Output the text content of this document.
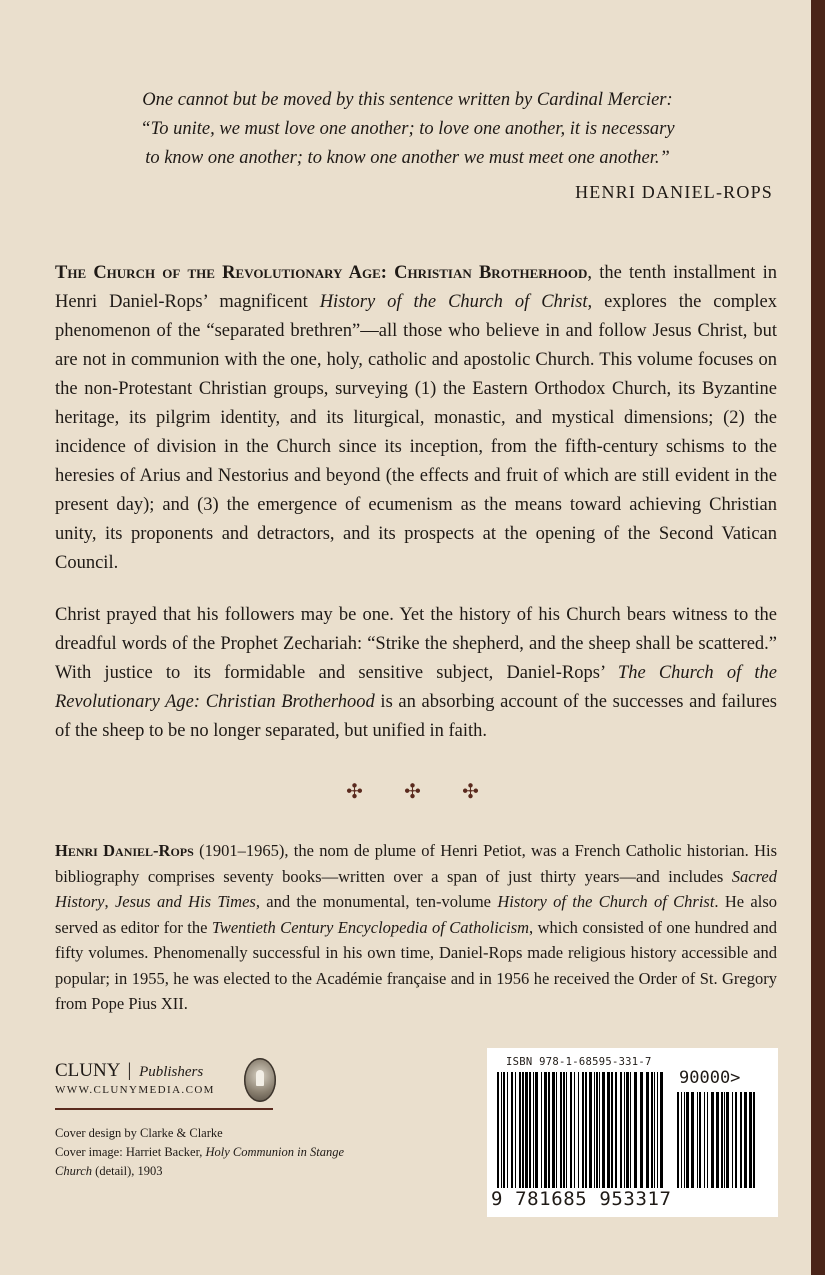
One cannot but be moved by this sentence written by Cardinal Mercier:

“To unite, we must love one another; to love one another, it is necessary

to know one another; to know one another we must meet one another.”

HENRI DANIEL-ROPS

The Church of the Revolutionary Age: Christian Brotherhood, the tenth installment in Henri Daniel-Rops’ magnificent History of the Church of Christ, explores the complex phenomenon of the “separated brethren”—all those who believe in and follow Jesus Christ, but are not in communion with the one, holy, catholic and apostolic Church. This volume focuses on the non-Protestant Christian groups, surveying (1) the Eastern Orthodox Church, its Byzantine heritage, its pilgrim identity, and its liturgical, monastic, and mystical dimensions; (2) the incidence of division in the Church since its inception, from the fifth-century schisms to the heresies of Arius and Nestorius and beyond (the effects and fruit of which are still evident in the present day); and (3) the emergence of ecumenism as the means toward achieving Christian unity, its proponents and detractors, and its prospects at the opening of the Second Vatican Council.

Christ prayed that his followers may be one. Yet the history of his Church bears witness to the dreadful words of the Prophet Zechariah: “Strike the shepherd, and the sheep shall be scattered.” With justice to its formidable and sensitive subject, Daniel-Rops’ The Church of the Revolutionary Age: Christian Brotherhood is an absorbing account of the successes and failures of the sheep to be no longer separated, but unified in faith.

✣ ✣ ✣

Henri Daniel-Rops (1901–1965), the nom de plume of Henri Petiot, was a French Catholic historian. His bibliography comprises seventy books—written over a span of just thirty years—and includes Sacred History, Jesus and His Times, and the monumental, ten-volume History of the Church of Christ. He also served as editor for the Twentieth Century Encyclopedia of Catholicism, which consisted of one hundred and fifty volumes. Phenomenally successful in his own time, Daniel-Rops made religious history accessible and popular; in 1955, he was elected to the Académie française and in 1956 he received the Order of St. Gregory from Pope Pius XII.

CLUNY | Publishers
WWW.CLUNYMEDIA.COM
Cover design by Clarke & Clarke
Cover image: Harriet Backer, Holy Communion in Stange Church (detail), 1903
ISBN 978-1-68595-331-7
90000>
9 781685 953317
